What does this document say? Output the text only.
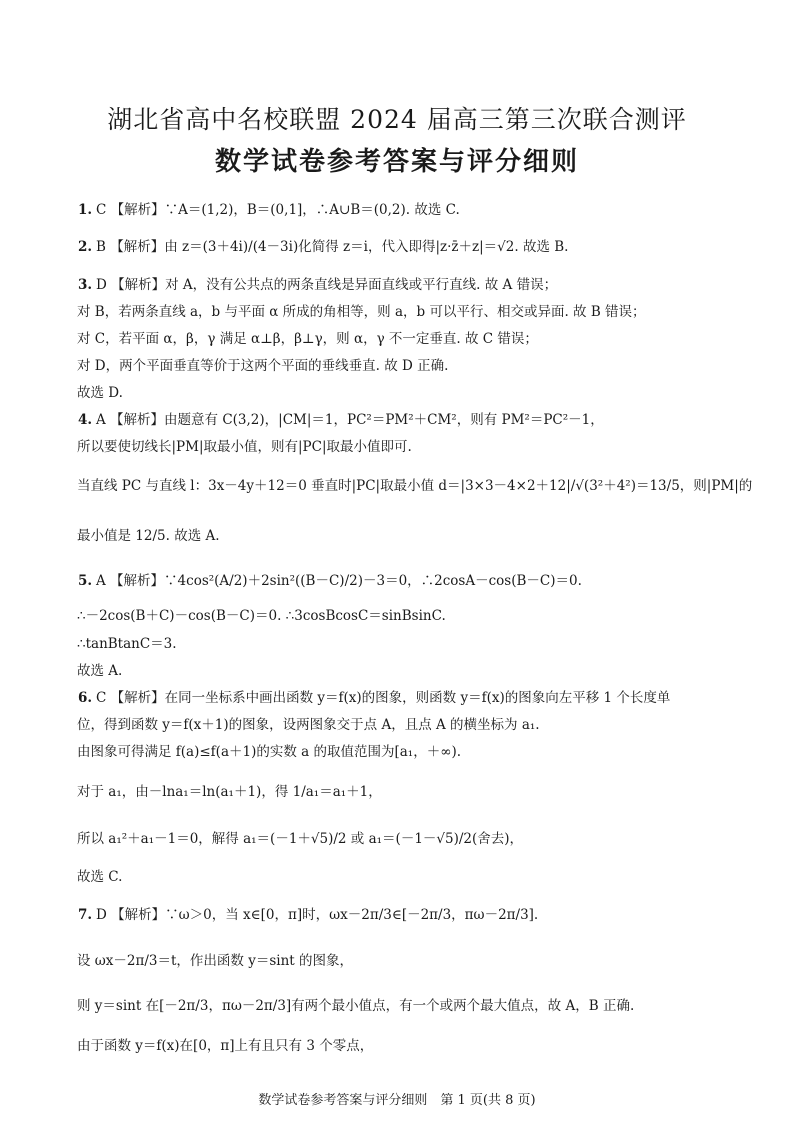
湖北省高中名校联盟 2024 届高三第三次联合测评
数学试卷参考答案与评分细则
1. C 【解析】∵A＝(1,2)，B＝(0,1]，∴A∪B＝(0,2). 故选 C.
2. B 【解析】由 z＝(3＋4i)/(4－3i)化简得 z＝i，代入即得|z·z̄＋z|＝√2. 故选 B.
3. D 【解析】对 A，没有公共点的两条直线是异面直线或平行直线. 故 A 错误；
对 B，若两条直线 a，b 与平面 α 所成的角相等，则 a，b 可以平行、相交或异面. 故 B 错误；
对 C，若平面 α，β，γ 满足 α⊥β，β⊥γ，则 α，γ 不一定垂直. 故 C 错误；
对 D，两个平面垂直等价于这两个平面的垂线垂直. 故 D 正确.
故选 D.
4. A 【解析】由题意有 C(3,2)，|CM|＝1，PC²＝PM²＋CM²，则有 PM²＝PC²－1，
所以要使切线长|PM|取最小值，则有|PC|取最小值即可.
当直线 PC 与直线 l：3x－4y＋12＝0 垂直时|PC|取最小值 d＝|3×3－4×2＋12|/√(3²＋4²)＝13/5，则|PM|的
最小值是 12/5. 故选 A.
5. A 【解析】∵4cos²(A/2)＋2sin²((B－C)/2)－3＝0，∴2cosA－cos(B－C)＝0.
∴－2cos(B＋C)－cos(B－C)＝0. ∴3cosBcosC＝sinBsinC.
∴tanBtanC＝3.
故选 A.
6. C 【解析】在同一坐标系中画出函数 y＝f(x)的图象，则函数 y＝f(x)的图象向左平移 1 个长度单
位，得到函数 y＝f(x＋1)的图象，设两图象交于点 A，且点 A 的横坐标为 a₁.
由图象可得满足 f(a)≤f(a＋1)的实数 a 的取值范围为[a₁，＋∞).
对于 a₁，由－lna₁＝ln(a₁＋1)，得 1/a₁＝a₁＋1，
所以 a₁²＋a₁－1＝0，解得 a₁＝(－1＋√5)/2 或 a₁＝(－1－√5)/2(舍去)，
故选 C.
7. D 【解析】∵ω＞0，当 x∈[0，π]时，ωx－2π/3∈[－2π/3，πω－2π/3].
设 ωx－2π/3＝t，作出函数 y＝sint 的图象，
则 y＝sint 在[－2π/3，πω－2π/3]有两个最小值点，有一个或两个最大值点，故 A，B 正确.
由于函数 y＝f(x)在[0，π]上有且只有 3 个零点，
数学试卷参考答案与评分细则　第 1 页(共 8 页)
